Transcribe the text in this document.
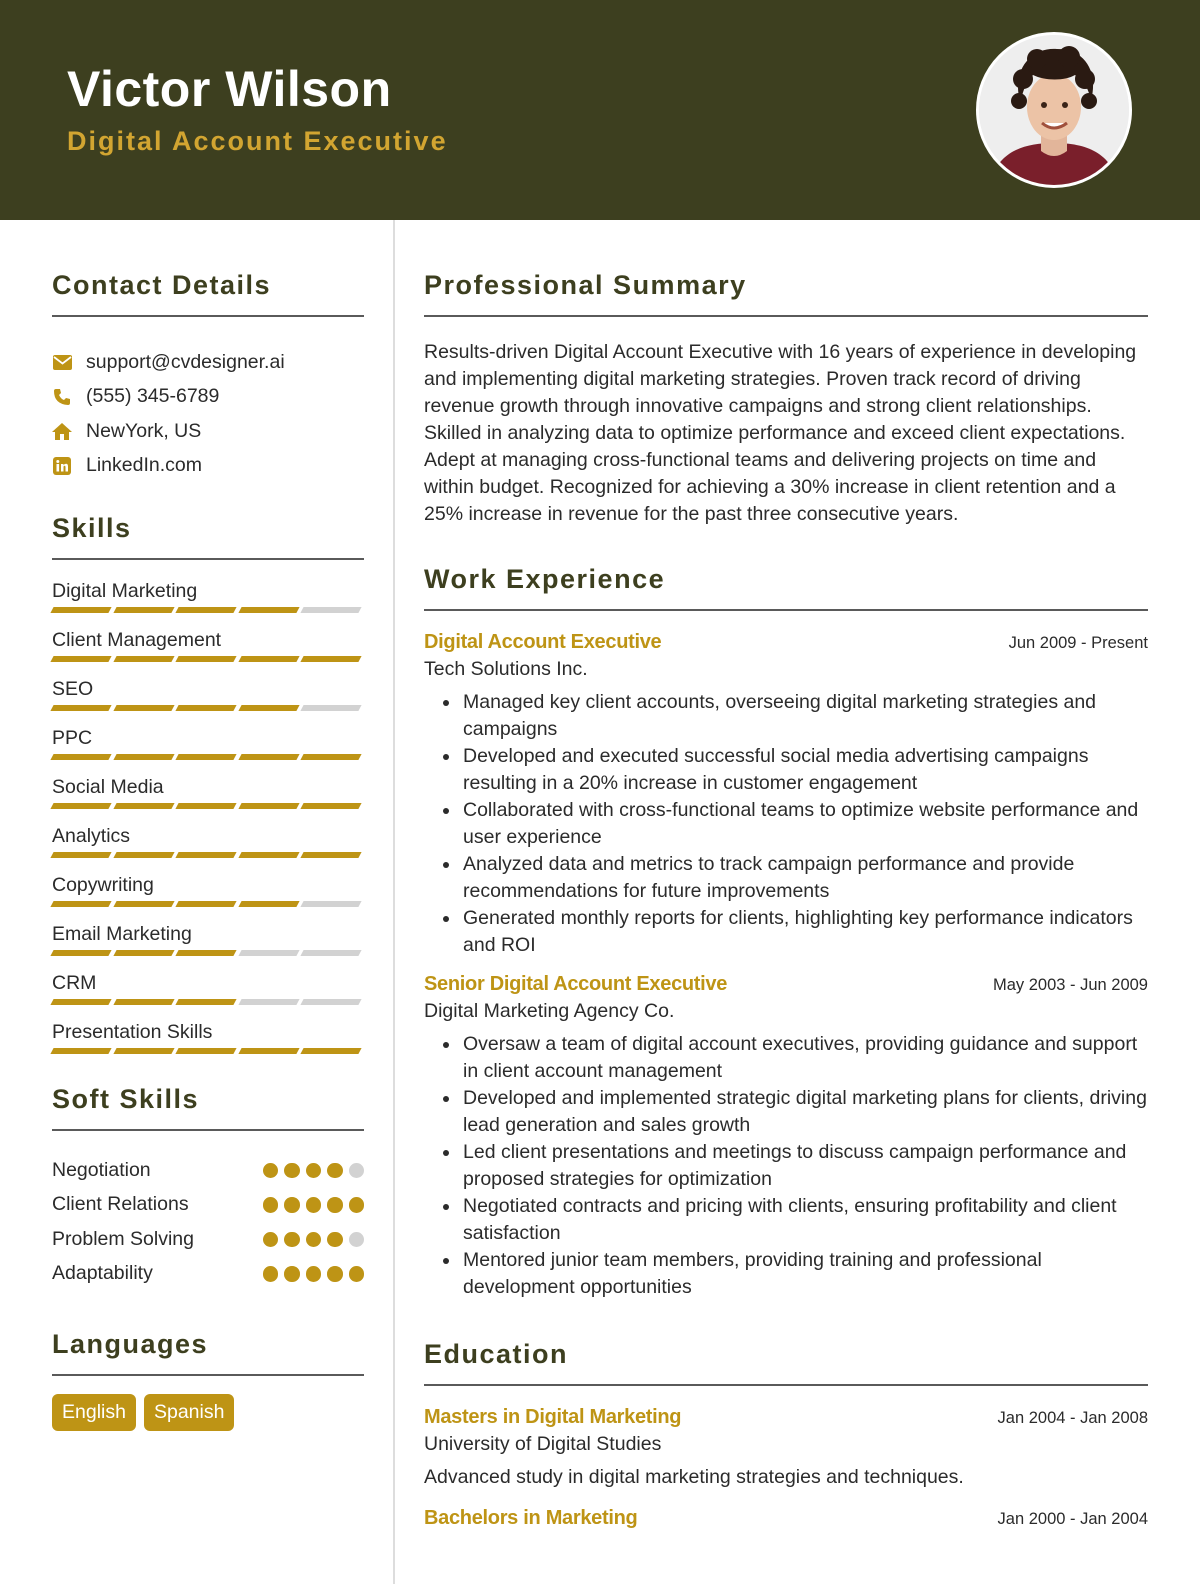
Victor Wilson
Digital Account Executive
Contact Details
support@cvdesigner.ai
(555) 345-6789
NewYork, US
LinkedIn.com
Skills
Digital Marketing
Client Management
SEO
PPC
Social Media
Analytics
Copywriting
Email Marketing
CRM
Presentation Skills
Soft Skills
Negotiation
Client Relations
Problem Solving
Adaptability
Languages
English	Spanish
Professional Summary

Results-driven Digital Account Executive with 16 years of experience in developing and implementing digital marketing strategies. Proven track record of driving revenue growth through innovative campaigns and strong client relationships. Skilled in analyzing data to optimize performance and exceed client expectations. Adept at managing cross-functional teams and delivering projects on time and within budget. Recognized for achieving a 30% increase in client retention and a 25% increase in revenue for the past three consecutive years.

Work Experience
Digital Account Executive	Jun 2009 - Present
Tech Solutions Inc.
• Managed key client accounts, overseeing digital marketing strategies and campaigns
• Developed and executed successful social media advertising campaigns resulting in a 20% increase in customer engagement
• Collaborated with cross-functional teams to optimize website performance and user experience
• Analyzed data and metrics to track campaign performance and provide recommendations for future improvements
• Generated monthly reports for clients, highlighting key performance indicators and ROI
Senior Digital Account Executive	May 2003 - Jun 2009
Digital Marketing Agency Co.
• Oversaw a team of digital account executives, providing guidance and support in client account management
• Developed and implemented strategic digital marketing plans for clients, driving lead generation and sales growth
• Led client presentations and meetings to discuss campaign performance and proposed strategies for optimization
• Negotiated contracts and pricing with clients, ensuring profitability and client satisfaction
• Mentored junior team members, providing training and professional development opportunities
Education
Masters in Digital Marketing	Jan 2004 - Jan 2008
University of Digital Studies
Advanced study in digital marketing strategies and techniques.
Bachelors in Marketing	Jan 2000 - Jan 2004
